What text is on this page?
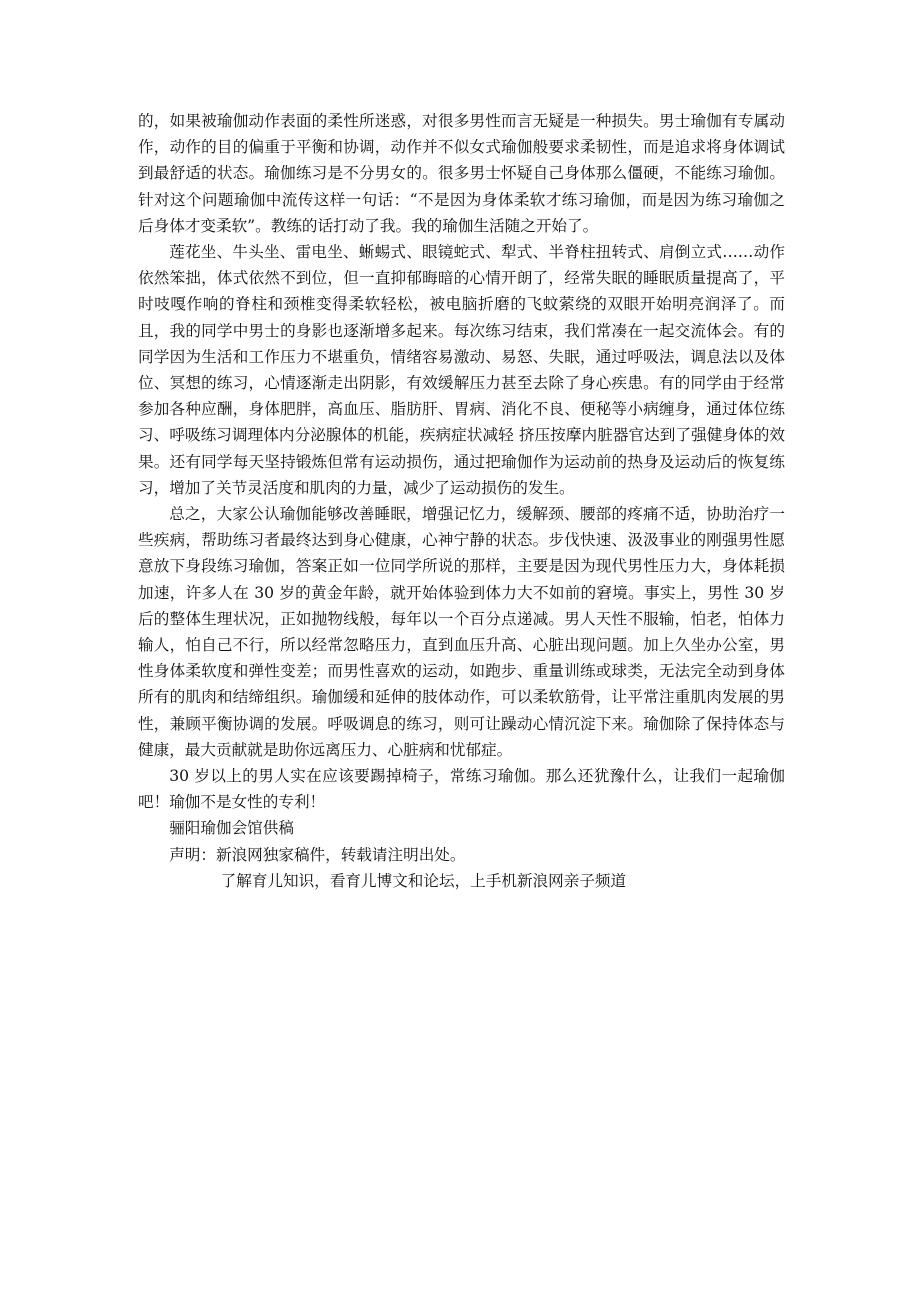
的，如果被瑜伽动作表面的柔性所迷惑，对很多男性而言无疑是一种损失。男士瑜伽有专属动作，动作的目的偏重于平衡和协调，动作并不似女式瑜伽般要求柔韧性，而是追求将身体调试到最舒适的状态。瑜伽练习是不分男女的。很多男士怀疑自己身体那么僵硬，不能练习瑜伽。针对这个问题瑜伽中流传这样一句话：“不是因为身体柔软才练习瑜伽，而是因为练习瑜伽之后身体才变柔软”。教练的话打动了我。我的瑜伽生活随之开始了。

莲花坐、牛头坐、雷电坐、蜥蜴式、眼镜蛇式、犁式、半脊柱扭转式、肩倒立式……动作依然笨拙，体式依然不到位，但一直抑郁晦暗的心情开朗了，经常失眠的睡眠质量提高了，平时吱嘎作响的脊柱和颈椎变得柔软轻松，被电脑折磨的飞蚊萦绕的双眼开始明亮润泽了。而且，我的同学中男士的身影也逐渐增多起来。每次练习结束，我们常凑在一起交流体会。有的同学因为生活和工作压力不堪重负，情绪容易激动、易怒、失眠，通过呼吸法，调息法以及体位、冥想的练习，心情逐渐走出阴影，有效缓解压力甚至去除了身心疾患。有的同学由于经常参加各种应酬，身体肥胖，高血压、脂肪肝、胃病、消化不良、便秘等小病缠身，通过体位练习、呼吸练习调理体内分泌腺体的机能，疾病症状减轻 挤压按摩内脏器官达到了强健身体的效果。还有同学每天坚持锻炼但常有运动损伤，通过把瑜伽作为运动前的热身及运动后的恢复练习，增加了关节灵活度和肌肉的力量，减少了运动损伤的发生。

总之，大家公认瑜伽能够改善睡眠，增强记忆力，缓解颈、腰部的疼痛不适，协助治疗一些疾病，帮助练习者最终达到身心健康，心神宁静的状态。步伐快速、汲汲事业的刚强男性愿意放下身段练习瑜伽，答案正如一位同学所说的那样，主要是因为现代男性压力大，身体耗损加速，许多人在 30 岁的黄金年龄，就开始体验到体力大不如前的窘境。事实上，男性 30 岁后的整体生理状况，正如抛物线般，每年以一个百分点递减。男人天性不服输，怕老，怕体力输人，怕自己不行，所以经常忽略压力，直到血压升高、心脏出现问题。加上久坐办公室，男性身体柔软度和弹性变差；而男性喜欢的运动，如跑步、重量训练或球类，无法完全动到身体所有的肌肉和结缔组织。瑜伽缓和延伸的肢体动作，可以柔软筋骨，让平常注重肌肉发展的男性，兼顾平衡协调的发展。呼吸调息的练习，则可让躁动心情沉淀下来。瑜伽除了保持体态与健康，最大贡献就是助你远离压力、心脏病和忧郁症。

30 岁以上的男人实在应该要踢掉椅子，常练习瑜伽。那么还犹豫什么，让我们一起瑜伽吧！瑜伽不是女性的专利！

骊阳瑜伽会馆供稿
声明：新浪网独家稿件，转载请注明出处。
了解育儿知识，看育儿博文和论坛，上手机新浪网亲子频道
